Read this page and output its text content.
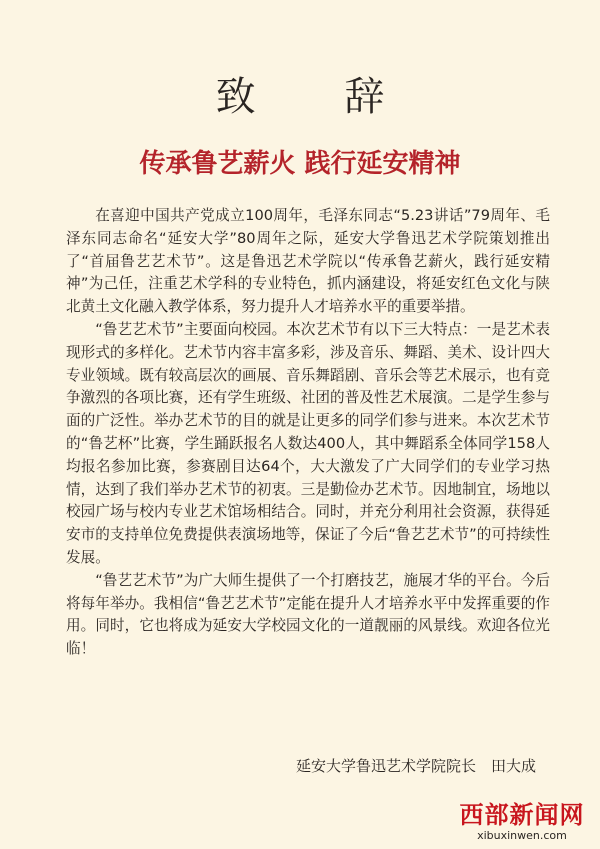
致 辞
传承鲁艺薪火 践行延安精神

在喜迎中国共产党成立100周年，毛泽东同志“5.23讲话”79周年、毛泽东同志命名“延安大学”80周年之际，延安大学鲁迅艺术学院策划推出了“首届鲁艺艺术节”。这是鲁迅艺术学院以“传承鲁艺薪火，践行延安精神”为己任，注重艺术学科的专业特色，抓内涵建设，将延安红色文化与陕北黄土文化融入教学体系，努力提升人才培养水平的重要举措。

“鲁艺艺术节”主要面向校园。本次艺术节有以下三大特点：一是艺术表现形式的多样化。艺术节内容丰富多彩，涉及音乐、舞蹈、美术、设计四大专业领域。既有较高层次的画展、音乐舞蹈剧、音乐会等艺术展示，也有竞争激烈的各项比赛，还有学生班级、社团的普及性艺术展演。二是学生参与面的广泛性。举办艺术节的目的就是让更多的同学们参与进来。本次艺术节的“鲁艺杯”比赛，学生踊跃报名人数达400人，其中舞蹈系全体同学158人均报名参加比赛，参赛剧目达64个，大大激发了广大同学们的专业学习热情，达到了我们举办艺术节的初衷。三是勤俭办艺术节。因地制宜，场地以校园广场与校内专业艺术馆场相结合。同时，并充分利用社会资源，获得延安市的支持单位免费提供表演场地等，保证了今后“鲁艺艺术节”的可持续性发展。

“鲁艺艺术节”为广大师生提供了一个打磨技艺，施展才华的平台。今后将每年举办。我相信“鲁艺艺术节”定能在提升人才培养水平中发挥重要的作用。同时，它也将成为延安大学校园文化的一道靓丽的风景线。欢迎各位光临！

延安大学鲁迅艺术学院院长　田大成
西部新闻网
xibuxinwen.com
